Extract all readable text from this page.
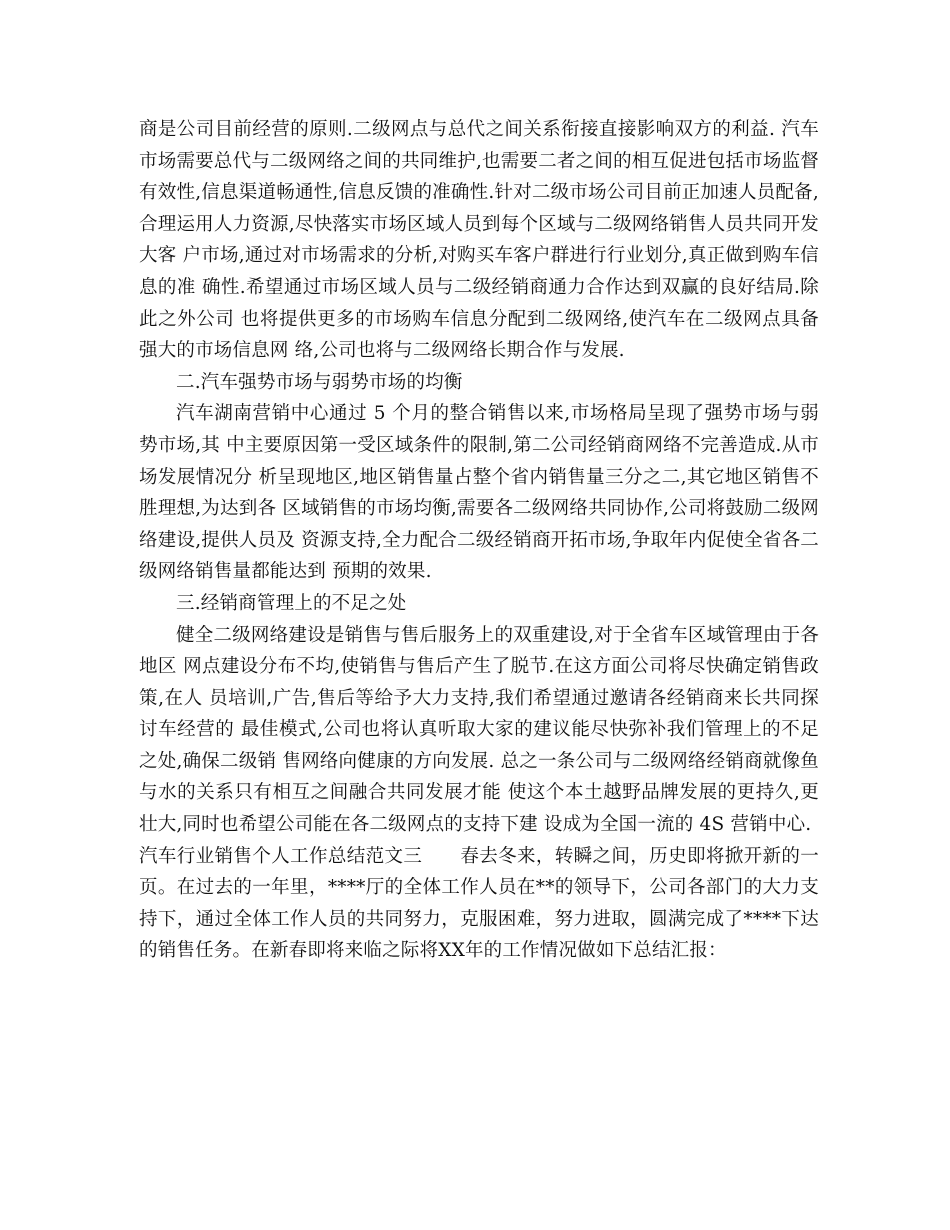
商是公司目前经营的原则.二级网点与总代之间关系衔接直接影响双方的利益. 汽车市场需要总代与二级网络之间的共同维护,也需要二者之间的相互促进包括市场监督 有效性,信息渠道畅通性,信息反馈的准确性.针对二级市场公司目前正加速人员配备, 合理运用人力资源,尽快落实市场区域人员到每个区域与二级网络销售人员共同开发大客 户市场,通过对市场需求的分析,对购买车客户群进行行业划分,真正做到购车信息的准 确性.希望通过市场区域人员与二级经销商通力合作达到双赢的良好结局.除此之外公司 也将提供更多的市场购车信息分配到二级网络,使汽车在二级网点具备强大的市场信息网 络,公司也将与二级网络长期合作与发展.

二.汽车强势市场与弱势市场的均衡

汽车湖南营销中心通过 5 个月的整合销售以来,市场格局呈现了强势市场与弱势市场,其 中主要原因第一受区域条件的限制,第二公司经销商网络不完善造成.从市场发展情况分 析呈现地区,地区销售量占整个省内销售量三分之二,其它地区销售不胜理想,为达到各 区域销售的市场均衡,需要各二级网络共同协作,公司将鼓励二级网络建设,提供人员及 资源支持,全力配合二级经销商开拓市场,争取年内促使全省各二级网络销售量都能达到 预期的效果.

三.经销商管理上的不足之处

健全二级网络建设是销售与售后服务上的双重建设,对于全省车区域管理由于各地区 网点建设分布不均,使销售与售后产生了脱节.在这方面公司将尽快确定销售政策,在人 员培训,广告,售后等给予大力支持,我们希望通过邀请各经销商来长共同探讨车经营的 最佳模式,公司也将认真听取大家的建议能尽快弥补我们管理上的不足之处,确保二级销 售网络向健康的方向发展. 总之一条公司与二级网络经销商就像鱼与水的关系只有相互之间融合共同发展才能 使这个本土越野品牌发展的更持久,更壮大,同时也希望公司能在各二级网点的支持下建 设成为全国一流的 4S 营销中心.

汽车行业销售个人工作总结范文三 春去冬来，转瞬之间，历史即将掀开新的一页。在过去的一年里，****厅的全体工作人员在**的领导下，公司各部门的大力支持下，通过全体工作人员的共同努力，克服困难，努力进取，圆满完成了****下达的销售任务。在新春即将来临之际将XX年的工作情况做如下总结汇报：
